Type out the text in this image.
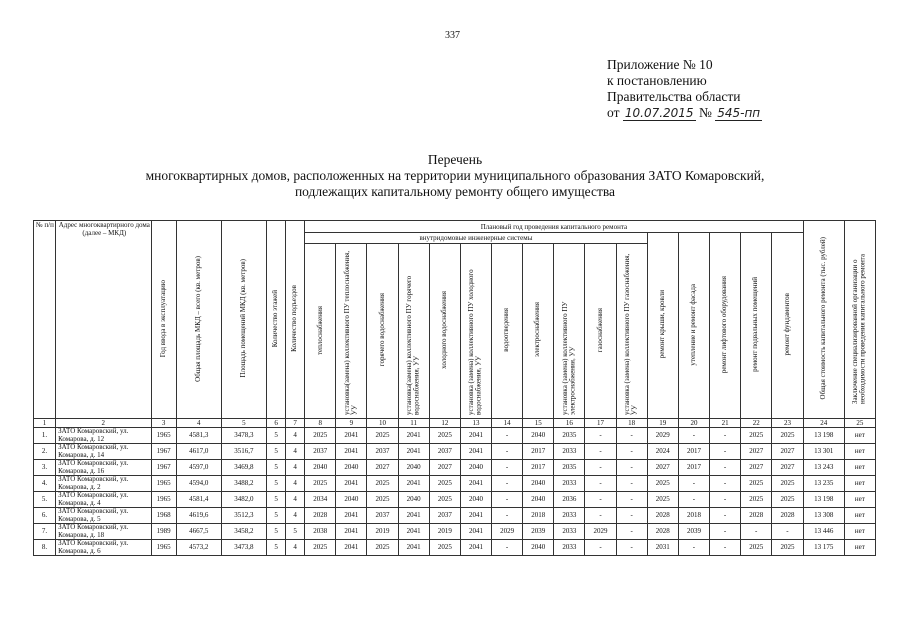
337
Приложение № 10
к постановлению
Правительства области
от 10.07.2015 № 545-пп
Перечень
многоквартирных домов, расположенных на территории муниципального образования ЗАТО Комаровский,
подлежащих капитальному ремонту общего имущества
№ п/п	Адрес многоквартирного дома (далее – МКД)	Год ввода в эксплуатацию	Общая площадь МКД – всего (кв. метров)	Площадь помещений МКД (кв. метров)	Количество этажей	Количество подъездов	Плановый год проведения капитального ремонта																Общая стоимость капитального ремонта (тыс. рублей)	Заключение специализированной организации о необходимости проведения капитального ремонта
							внутридомовые инженерные системы											ремонт крыши, кровли	утепление и ремонт фасада	ремонт лифтового оборудования	ремонт подвальных помещений	ремонт фундаментов		
							теплоснабжения	установка(замена) коллективного ПУ теплоснабжения, УУ	горячего водоснабжения	установка(замена) коллективного ПУ горячего водоснабжения, УУ	холодного водоснабжения	установка (замена) коллективного ПУ холодного водоснабжения, УУ	водоотведения	электроснабжения	установка (замена) коллективного ПУ электроснабжения, УУ	газоснабжения	установка (замена) коллективного ПУ газоснабжения, УУ							
1	2	3	4	5	6	7	8	9	10	11	12	13	14	15	16	17	18	19	20	21	22	23	24	25
1.	ЗАТО Комаровский, ул. Комарова, д. 12	1965	4581,3	3478,3	5	4	2025	2041	2025	2041	2025	2041	-	2040	2035	-	-	2029	-	-	2025	2025	13 198	нет
2.	ЗАТО Комаровский, ул. Комарова, д. 14	1967	4617,0	3516,7	5	4	2037	2041	2037	2041	2037	2041	-	2017	2033	-	-	2024	2017	-	2027	2027	13 301	нет
3.	ЗАТО Комаровский, ул. Комарова, д. 16	1967	4597,0	3469,8	5	4	2040	2040	2027	2040	2027	2040	-	2017	2035	-	-	2027	2017	-	2027	2027	13 243	нет
4.	ЗАТО Комаровский, ул. Комарова, д. 2	1965	4594,0	3488,2	5	4	2025	2041	2025	2041	2025	2041	-	2040	2033	-	-	2025	-	-	2025	2025	13 235	нет
5.	ЗАТО Комаровский, ул. Комарова, д. 4	1965	4581,4	3482,0	5	4	2034	2040	2025	2040	2025	2040	-	2040	2036	-	-	2025	-	-	2025	2025	13 198	нет
6.	ЗАТО Комаровский, ул. Комарова, д. 5	1968	4619,6	3512,3	5	4	2028	2041	2037	2041	2037	2041	-	2018	2033	-	-	2028	2018	-	2028	2028	13 308	нет
7.	ЗАТО Комаровский, ул. Комарова, д. 18	1989	4667,5	3458,2	5	5	2038	2041	2019	2041	2019	2041	2029	2039	2033	2029	-	2028	2039	-	-	-	13 446	нет
8.	ЗАТО Комаровский, ул. Комарова, д. 6	1965	4573,2	3473,8	5	4	2025	2041	2025	2041	2025	2041	-	2040	2033	-	-	2031	-	-	2025	2025	13 175	нет
